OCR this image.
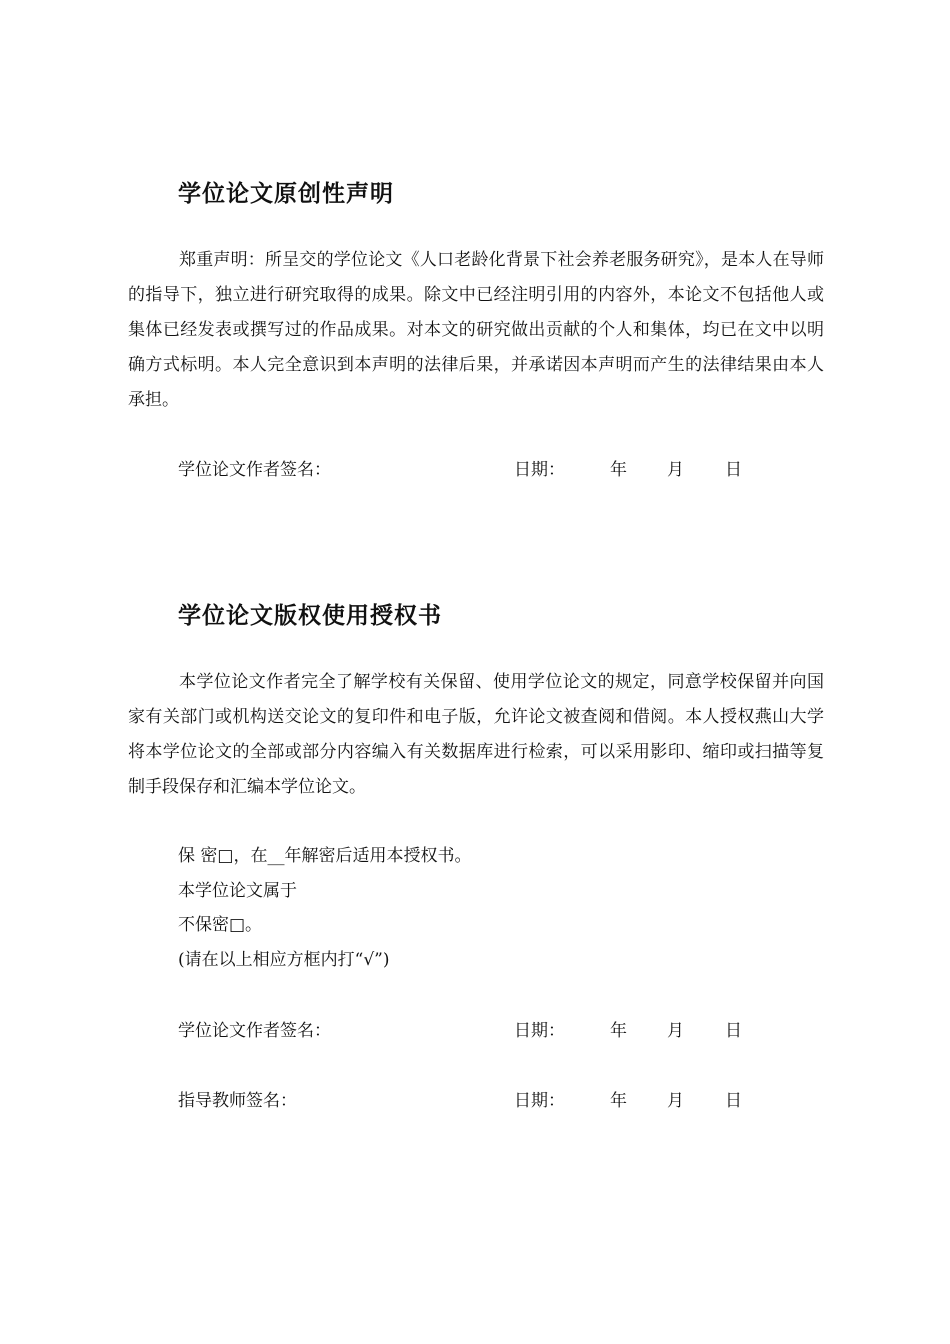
学位论文原创性声明
郑重声明：所呈交的学位论文《人口老龄化背景下社会养老服务研究》，是本人在导师的指导下，独立进行研究取得的成果。除文中已经注明引用的内容外，本论文不包括他人或集体已经发表或撰写过的作品成果。对本文的研究做出贡献的个人和集体，均已在文中以明确方式标明。本人完全意识到本声明的法律后果，并承诺因本声明而产生的法律结果由本人承担。
学位论文作者签名：	日期：	年 月 日
学位论文版权使用授权书
本学位论文作者完全了解学校有关保留、使用学位论文的规定，同意学校保留并向国家有关部门或机构送交论文的复印件和电子版，允许论文被查阅和借阅。本人授权燕山大学将本学位论文的全部或部分内容编入有关数据库进行检索，可以采用影印、缩印或扫描等复制手段保存和汇编本学位论文。
保 密□，在__年解密后适用本授权书。
本学位论文属于
不保密□。
(请在以上相应方框内打“√”)
学位论文作者签名：	日期：	年 月 日
指导教师签名：	日期：	年 月 日
